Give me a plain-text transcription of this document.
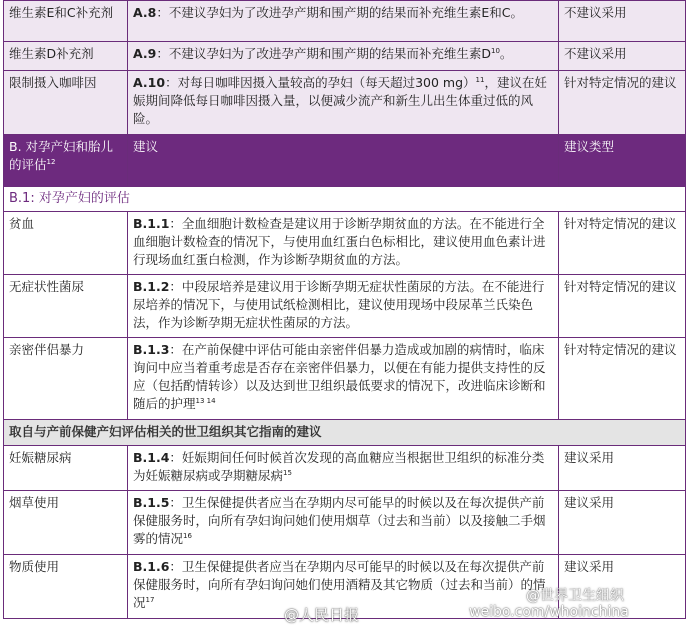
维生素E和C补充剂	A.8：不建议孕妇为了改进孕产期和围产期的结果而补充维生素E和C。	不建议采用
维生素D补充剂	A.9：不建议孕妇为了改进孕产期和围产期的结果而补充维生素$D^{10}$。	不建议采用
限制摄入咖啡因	A.10：对每日咖啡因摄入量较高的孕妇（每天超过300 mg）$^{11}$，建议在妊娠期间降低每日咖啡因摄入量，以便减少流产和新生儿出生体重过低的风险。	针对特定情况的建议
B. 对孕产妇和胎儿的评估$^{12}$	建议	建议类型
B.1: 对孕产妇的评估		
贫血	B.1.1：全血细胞计数检查是建议用于诊断孕期贫血的方法。在不能进行全血细胞计数检查的情况下，与使用血红蛋白色标相比，建议使用血色素计进行现场血红蛋白检测，作为诊断孕期贫血的方法。	针对特定情况的建议
无症状性菌尿	B.1.2：中段尿培养是建议用于诊断孕期无症状性菌尿的方法。在不能进行尿培养的情况下，与使用试纸检测相比，建议使用现场中段尿革兰氏染色法，作为诊断孕期无症状性菌尿的方法。	针对特定情况的建议
亲密伴侣暴力	B.1.3：在产前保健中评估可能由亲密伴侣暴力造成或加剧的病情时，临床询问中应当着重考虑是否存在亲密伴侣暴力，以便在有能力提供支持性的反应（包括酌情转诊）以及达到世卫组织最低要求的情况下，改进临床诊断和随后的护理$^{13 14}$	针对特定情况的建议
取自与产前保健产妇评估相关的世卫组织其它指南的建议		
妊娠糖尿病	B.1.4：妊娠期间任何时候首次发现的高血糖应当根据世卫组织的标准分类为妊娠糖尿病或孕期糖尿病$^{15}$	建议采用
烟草使用	B.1.5：卫生保健提供者应当在孕期内尽可能早的时候以及在每次提供产前保健服务时，向所有孕妇询问她们使用烟草（过去和当前）以及接触二手烟雾的情况$^{16}$	建议采用
物质使用	B.1.6：卫生保健提供者应当在孕期内尽可能早的时候以及在每次提供产前保健服务时，向所有孕妇询问她们使用酒精及其它物质（过去和当前）的情况$^{17}$	建议采用
@世界卫生组织
weibo.com/whoinchina
@人民日报
